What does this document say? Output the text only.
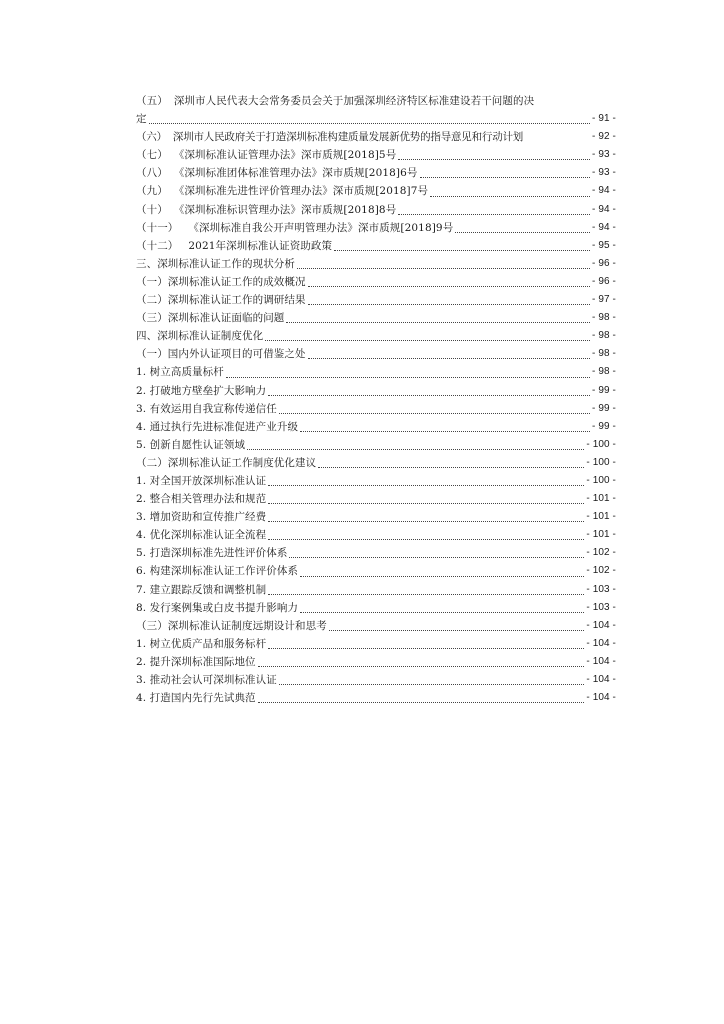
（五） 深圳市人民代表大会常务委员会关于加强深圳经济特区标准建设若干问题的决
定	- 91 -
（六） 深圳市人民政府关于打造深圳标准构建质量发展新优势的指导意见和行动计划	- 92 -
（七） 《深圳标准认证管理办法》深市质规[2018]5号	- 93 -
（八） 《深圳标准团体标准管理办法》深市质规[2018]6号	- 93 -
（九） 《深圳标准先进性评价管理办法》深市质规[2018]7号	- 94 -
（十） 《深圳标准标识管理办法》深市质规[2018]8号	- 94 -
（十一） 《深圳标准自我公开声明管理办法》深市质规[2018]9号	- 94 -
（十二） 2021年深圳标准认证资助政策	- 95 -
三、深圳标准认证工作的现状分析	- 96 -
（一）深圳标准认证工作的成效概况	- 96 -
（二）深圳标准认证工作的调研结果	- 97 -
（三）深圳标准认证面临的问题	- 98 -
四、深圳标准认证制度优化	- 98 -
（一）国内外认证项目的可借鉴之处	- 98 -
1. 树立高质量标杆	- 98 -
2. 打破地方壁垒扩大影响力	- 99 -
3. 有效运用自我宣称传递信任	- 99 -
4. 通过执行先进标准促进产业升级	- 99 -
5. 创新自愿性认证领域	- 100 -
（二）深圳标准认证工作制度优化建议	- 100 -
1. 对全国开放深圳标准认证	- 100 -
2. 整合相关管理办法和规范	- 101 -
3. 增加资助和宣传推广经费	- 101 -
4. 优化深圳标准认证全流程	- 101 -
5. 打造深圳标准先进性评价体系	- 102 -
6. 构建深圳标准认证工作评价体系	- 102 -
7. 建立跟踪反馈和调整机制	- 103 -
8. 发行案例集或白皮书提升影响力	- 103 -
（三）深圳标准认证制度远期设计和思考	- 104 -
1. 树立优质产品和服务标杆	- 104 -
2. 提升深圳标准国际地位	- 104 -
3. 推动社会认可深圳标准认证	- 104 -
4. 打造国内先行先试典范	- 104 -
